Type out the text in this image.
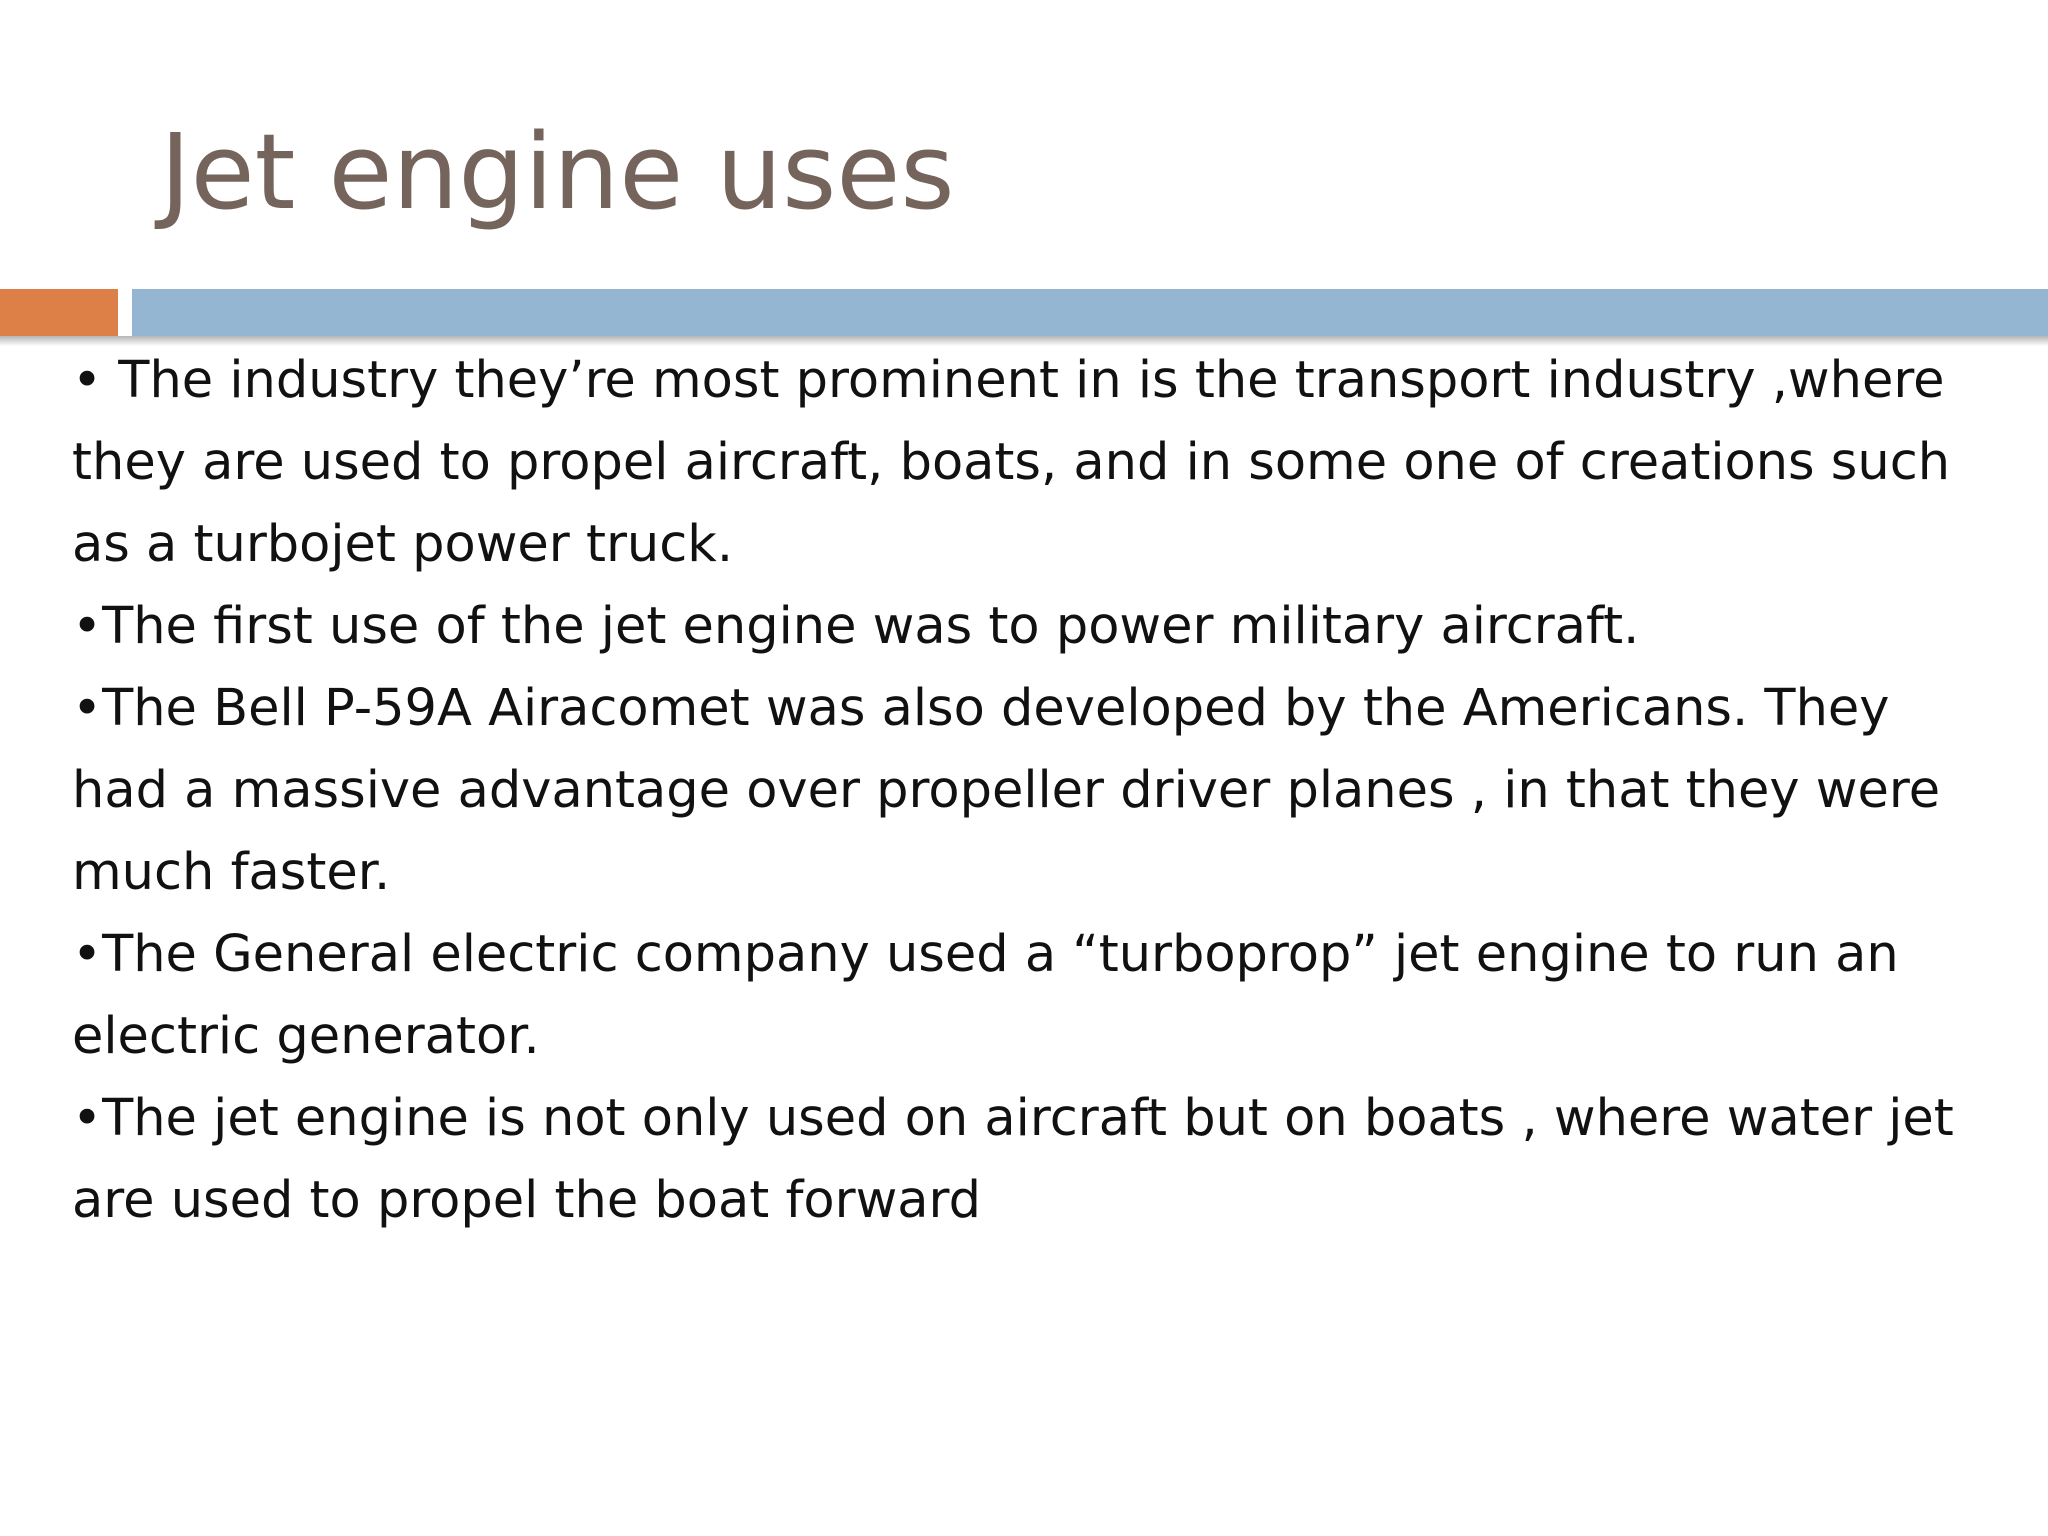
Jet engine uses

• The industry they’re most prominent in is the transport industry ,where they are used to propel aircraft, boats, and in some one of creations such as a turbojet power truck.

•The first use of the jet engine was to power military aircraft.

•The Bell P-59A Airacomet was also developed by the Americans. They had a massive advantage over propeller driver planes , in that they were much faster.

•The General electric company used a “turboprop” jet engine to run an electric generator.

•The jet engine is not only used on aircraft but on boats , where water jet are used to propel the boat forward
